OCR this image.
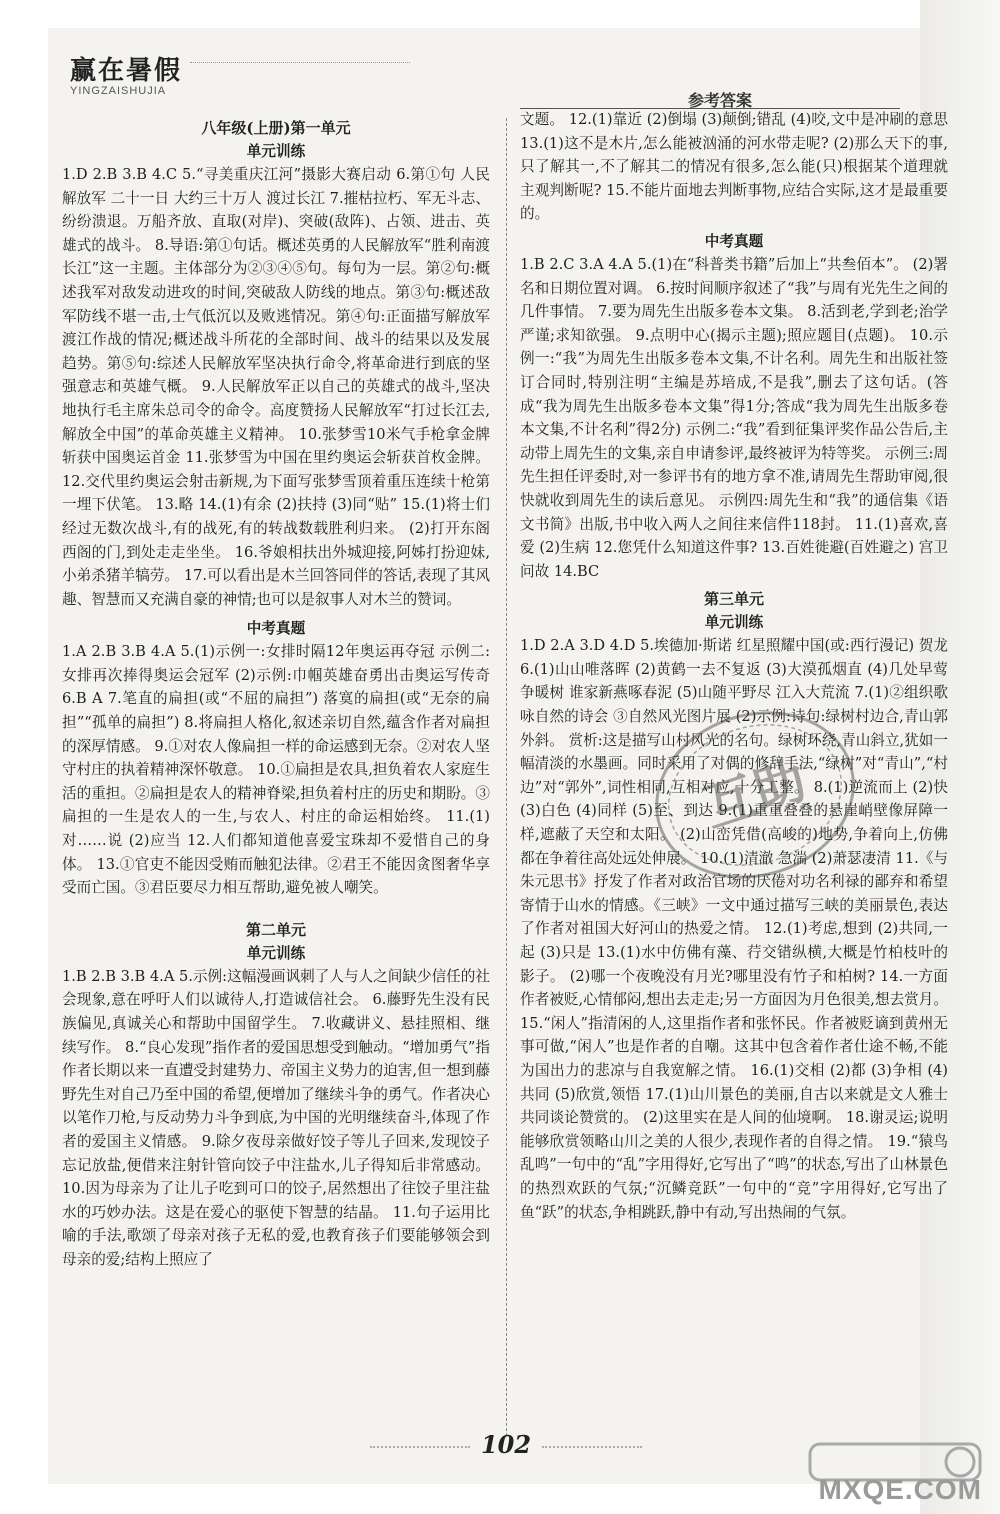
赢在暑假
YINGZAISHUJIA	参考答案
八年级(上册)第一单元
单元训练

1.D 2.B 3.B 4.C 5.“寻美重庆江河”摄影大赛启动 6.第①句 人民解放军 二十一日 大约三十万人 渡过长江 7.摧枯拉朽、军无斗志、纷纷溃退。万船齐放、直取(对岸)、突破(敌阵)、占领、进击、英雄式的战斗。 8.导语:第①句话。概述英勇的人民解放军“胜利南渡长江”这一主题。主体部分为②③④⑤句。每句为一层。第②句:概述我军对敌发动进攻的时间,突破敌人防线的地点。第③句:概述敌军防线不堪一击,士气低沉以及败逃情况。第④句:正面描写解放军渡江作战的情况;概述战斗所花的全部时间、战斗的结果以及发展趋势。第⑤句:综述人民解放军坚决执行命令,将革命进行到底的坚强意志和英雄气概。 9.人民解放军正以自己的英雄式的战斗,坚决地执行毛主席朱总司令的命令。高度赞扬人民解放军“打过长江去,解放全中国”的革命英雄主义精神。 10.张梦雪10米气手枪拿金牌 斩获中国奥运首金 11.张梦雪为中国在里约奥运会斩获首枚金牌。 12.交代里约奥运会射击新规,为下面写张梦雪顶着重压连续十枪第一埋下伏笔。 13.略 14.(1)有余 (2)扶持 (3)同“贴” 15.(1)将士们经过无数次战斗,有的战死,有的转战数载胜利归来。 (2)打开东阁西阁的门,到处走走坐坐。 16.爷娘相扶出外城迎接,阿姊打扮迎妹,小弟杀猪羊犒劳。 17.可以看出是木兰回答同伴的答话,表现了其风趣、智慧而又充满自豪的神情;也可以是叙事人对木兰的赞词。

中考真题

1.A 2.B 3.B 4.A 5.(1)示例一:女排时隔12年奥运再夺冠 示例二:女排再次捧得奥运会冠军 (2)示例:巾帼英雄奋勇出击奥运写传奇 6.B A 7.笔直的扁担(或“不屈的扁担”) 落寞的扁担(或“无奈的扁担”“孤单的扁担”) 8.将扁担人格化,叙述亲切自然,蕴含作者对扁担的深厚情感。 9.①对农人像扁担一样的命运感到无奈。②对农人坚守村庄的执着精神深怀敬意。 10.①扁担是农具,担负着农人家庭生活的重担。②扁担是农人的精神脊梁,担负着村庄的历史和期盼。③扁担的一生是农人的一生,与农人、村庄的命运相始终。 11.(1)对……说 (2)应当 12.人们都知道他喜爱宝珠却不爱惜自己的身体。 13.①官吏不能因受贿而触犯法律。②君王不能因贪图奢华享受而亡国。③君臣要尽力相互帮助,避免被人嘲笑。

第二单元
单元训练

1.B 2.B 3.B 4.A 5.示例:这幅漫画讽刺了人与人之间缺少信任的社会现象,意在呼吁人们以诚待人,打造诚信社会。 6.藤野先生没有民族偏见,真诚关心和帮助中国留学生。 7.收藏讲义、悬挂照相、继续写作。 8.“良心发现”指作者的爱国思想受到触动。“增加勇气”指作者长期以来一直遭受封建势力、帝国主义势力的迫害,但一想到藤野先生对自己乃至中国的希望,便增加了继续斗争的勇气。作者决心以笔作刀枪,与反动势力斗争到底,为中国的光明继续奋斗,体现了作者的爱国主义情感。 9.除夕夜母亲做好饺子等儿子回来,发现饺子忘记放盐,便借来注射针管向饺子中注盐水,儿子得知后非常感动。 10.因为母亲为了让儿子吃到可口的饺子,居然想出了往饺子里注盐水的巧妙办法。这是在爱心的驱使下智慧的结晶。 11.句子运用比喻的手法,歌颂了母亲对孩子无私的爱,也教育孩子们要能够领会到母亲的爱;结构上照应了

文题。 12.(1)靠近 (2)倒塌 (3)颠倒;错乱 (4)咬,文中是冲刷的意思 13.(1)这不是木片,怎么能被汹涌的河水带走呢? (2)那么天下的事,只了解其一,不了解其二的情况有很多,怎么能(只)根据某个道理就主观判断呢? 15.不能片面地去判断事物,应结合实际,这才是最重要的。

中考真题

1.B 2.C 3.A 4.A 5.(1)在“科普类书籍”后加上“共叁佰本”。 (2)署名和日期位置对调。 6.按时间顺序叙述了“我”与周有光先生之间的几件事情。 7.要为周先生出版多卷本文集。 8.活到老,学到老;治学严谨;求知欲强。 9.点明中心(揭示主题);照应题目(点题)。 10.示例一:“我”为周先生出版多卷本文集,不计名利。周先生和出版社签订合同时,特别注明“主编是苏培成,不是我”,删去了这句话。(答成“我为周先生出版多卷本文集”得1分;答成“我为周先生出版多卷本文集,不计名利”得2分) 示例二:“我”看到征集评奖作品公告后,主动带上周先生的文集,亲自申请参评,最终被评为特等奖。 示例三:周先生担任评委时,对一参评书有的地方拿不准,请周先生帮助审阅,很快就收到周先生的读后意见。 示例四:周先生和“我”的通信集《语文书简》出版,书中收入两人之间往来信件118封。 11.(1)喜欢,喜爱 (2)生病 12.您凭什么知道这件事? 13.百姓徙避(百姓避之) 宫卫问故 14.BC

第三单元
单元训练

1.D 2.A 3.D 4.D 5.埃德加·斯诺 红星照耀中国(或:西行漫记) 贺龙 6.(1)山山唯落晖 (2)黄鹤一去不复返 (3)大漠孤烟直 (4)几处早莺争暖树 谁家新燕啄春泥 (5)山随平野尽 江入大荒流 7.(1)②组织歌咏自然的诗会 ③自然风光图片展 (2)示例:诗句:绿树村边合,青山郭外斜。 赏析:这是描写山村风光的名句。绿树环绕,青山斜立,犹如一幅清淡的水墨画。同时采用了对偶的修辞手法,“绿树”对“青山”,“村边”对“郭外”,词性相同,互相对应,十分工整。 8.(1)逆流而上 (2)快 (3)白色 (4)同样 (5)至、到达 9.(1)重重叠叠的悬崖峭壁像屏障一样,遮蔽了天空和太阳。 (2)山峦凭借(高峻的)地势,争着向上,仿佛都在争着往高处远处伸展。 10.(1)清澈 急湍 (2)萧瑟凄清 11.《与朱元思书》抒发了作者对政治官场的厌倦对功名利禄的鄙弃和希望寄情于山水的情感。《三峡》一文中通过描写三峡的美丽景色,表达了作者对祖国大好河山的热爱之情。 12.(1)考虑,想到 (2)共同,一起 (3)只是 13.(1)水中仿佛有藻、荇交错纵横,大概是竹柏枝叶的影子。 (2)哪一个夜晚没有月光?哪里没有竹子和柏树? 14.一方面作者被贬,心情郁闷,想出去走走;另一方面因为月色很美,想去赏月。 15.“闲人”指清闲的人,这里指作者和张怀民。作者被贬谪到黄州无事可做,“闲人”也是作者的自嘲。这其中包含着作者仕途不畅,不能为国出力的悲凉与自我宽解之情。 16.(1)交相 (2)都 (3)争相 (4)共同 (5)欣赏,领悟 17.(1)山川景色的美丽,自古以来就是文人雅士共同谈论赞赏的。 (2)这里实在是人间的仙境啊。 18.谢灵运;说明能够欣赏领略山川之美的人很少,表现作者的自得之情。 19.“猿鸟乱鸣”一句中的“乱”字用得好,它写出了“鸣”的状态,写出了山林景色的热烈欢跃的气氛;“沉鳞竞跃”一句中的“竞”字用得好,它写出了鱼“跃”的状态,争相跳跃,静中有动,写出热闹的气氛。

互助
102
MXQE.COM
